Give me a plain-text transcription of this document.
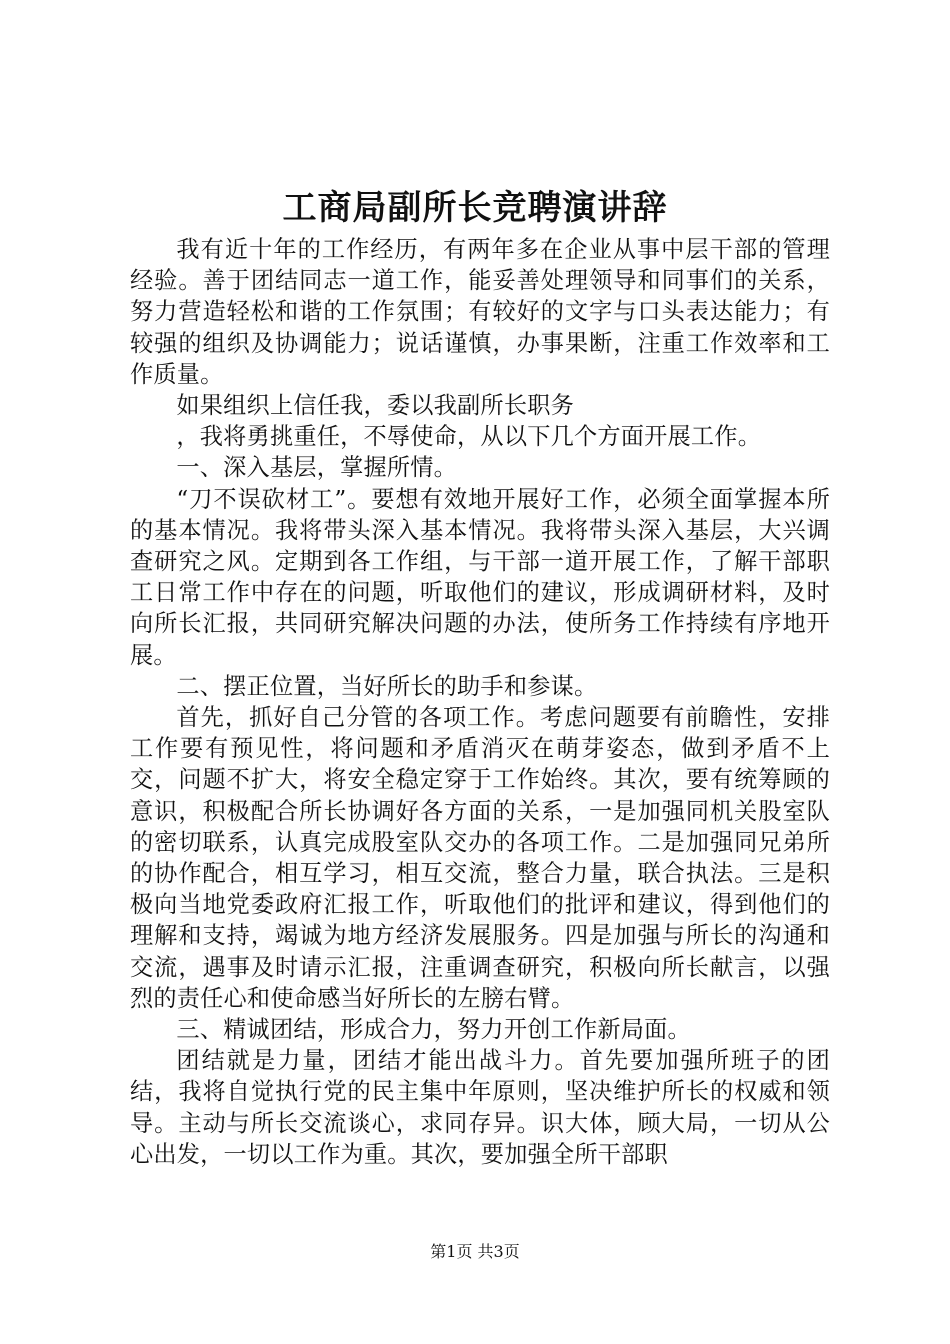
工商局副所长竞聘演讲辞

我有近十年的工作经历，有两年多在企业从事中层干部的管理经验。善于团结同志一道工作，能妥善处理领导和同事们的关系，努力营造轻松和谐的工作氛围；有较好的文字与口头表达能力；有较强的组织及协调能力；说话谨慎，办事果断，注重工作效率和工作质量。

如果组织上信任我，委以我副所长职务

，我将勇挑重任，不辱使命，从以下几个方面开展工作。

一、深入基层，掌握所情。

“刀不误砍材工”。要想有效地开展好工作，必须全面掌握本所的基本情况。我将带头深入基本情况。我将带头深入基层，大兴调查研究之风。定期到各工作组，与干部一道开展工作，了解干部职工日常工作中存在的问题，听取他们的建议，形成调研材料，及时向所长汇报，共同研究解决问题的办法，使所务工作持续有序地开展。

二、摆正位置，当好所长的助手和参谋。

首先，抓好自己分管的各项工作。考虑问题要有前瞻性，安排工作要有预见性，将问题和矛盾消灭在萌芽姿态，做到矛盾不上交，问题不扩大，将安全稳定穿于工作始终。其次，要有统筹顾的意识，积极配合所长协调好各方面的关系，一是加强同机关股室队的密切联系，认真完成股室队交办的各项工作。二是加强同兄弟所的协作配合，相互学习，相互交流，整合力量，联合执法。三是积极向当地党委政府汇报工作，听取他们的批评和建议，得到他们的理解和支持，竭诚为地方经济发展服务。四是加强与所长的沟通和交流，遇事及时请示汇报，注重调查研究，积极向所长献言，以强烈的责任心和使命感当好所长的左膀右臂。

三、精诚团结，形成合力，努力开创工作新局面。

团结就是力量，团结才能出战斗力。首先要加强所班子的团结，我将自觉执行党的民主集中年原则，坚决维护所长的权威和领导。主动与所长交流谈心，求同存异。识大体，顾大局，一切从公心出发，一切以工作为重。其次，要加强全所干部职

第1页 共3页
